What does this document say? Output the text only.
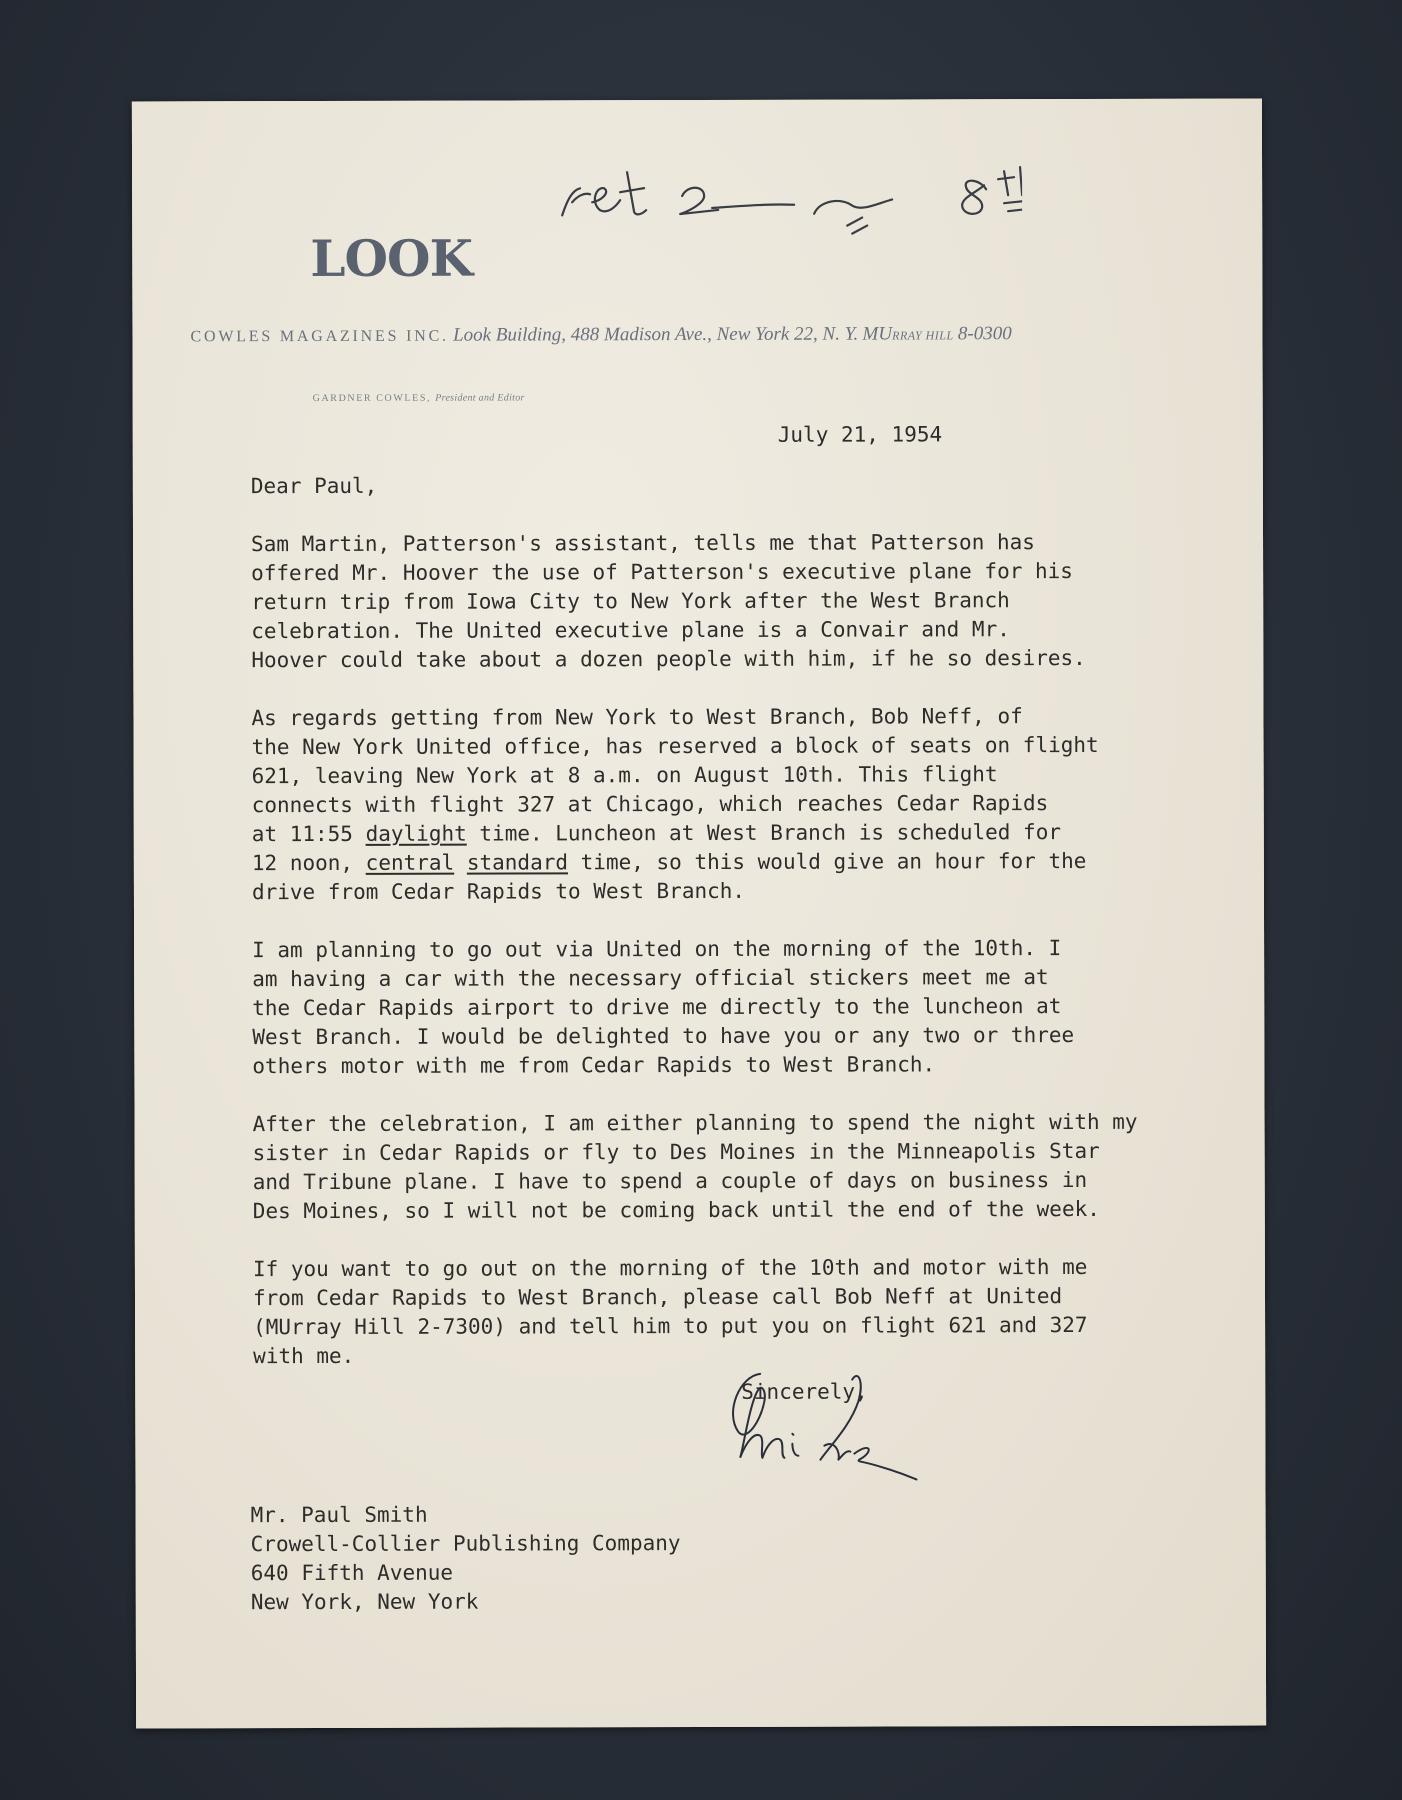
LOOK
COWLES MAGAZINES INC. Look Building, 488 Madison Ave., New York 22, N. Y. MURRAY HILL 8-0300
GARDNER COWLES, President and Editor
July 21, 1954

Dear Paul,

Sam Martin, Patterson's assistant, tells me that Patterson has
offered Mr. Hoover the use of Patterson's executive plane for his
return trip from Iowa City to New York after the West Branch
celebration. The United executive plane is a Convair and Mr.
Hoover could take about a dozen people with him, if he so desires.

As regards getting from New York to West Branch, Bob Neff, of
the New York United office, has reserved a block of seats on flight
621, leaving New York at 8 a.m. on August 10th. This flight
connects with flight 327 at Chicago, which reaches Cedar Rapids
at 11:55 daylight time. Luncheon at West Branch is scheduled for
12 noon, central standard time, so this would give an hour for the
drive from Cedar Rapids to West Branch.

I am planning to go out via United on the morning of the 10th. I
am having a car with the necessary official stickers meet me at
the Cedar Rapids airport to drive me directly to the luncheon at
West Branch. I would be delighted to have you or any two or three
others motor with me from Cedar Rapids to West Branch.

After the celebration, I am either planning to spend the night with my
sister in Cedar Rapids or fly to Des Moines in the Minneapolis Star
and Tribune plane. I have to spend a couple of days on business in
Des Moines, so I will not be coming back until the end of the week.

If you want to go out on the morning of the 10th and motor with me
from Cedar Rapids to West Branch, please call Bob Neff at United
(MUrray Hill 2-7300) and tell him to put you on flight 621 and 327
with me.

Sincerely,
Mr. Paul Smith
Crowell-Collier Publishing Company
640 Fifth Avenue
New York, New York
